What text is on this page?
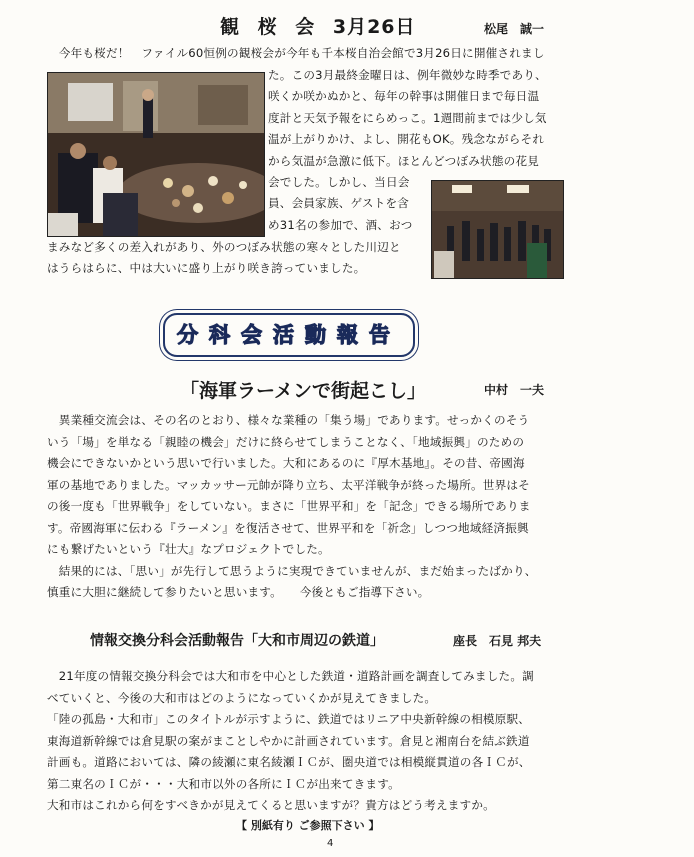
観 桜 会 3月26日	松尾　誠一
　今年も桜だ！　ファイル60恒例の観桜会が今年も千本桜自治会館で3月26日に開催されまし
た。この3月最終金曜日は、例年微妙な時季であり、
咲くか咲かぬかと、毎年の幹事は開催日まで毎日温
度計と天気予報をにらめっこ。1週間前までは少し気
温が上がりかけ、よし、開花もOK。残念ながらそれ
から気温が急激に低下。ほとんどつぼみ状態の花見
会でした。しかし、当日会
員、会員家族、ゲストを含
め31名の参加で、酒、おつ
まみなど多くの差入れがあり、外のつぼみ状態の寒々とした川辺と
はうらはらに、中は大いに盛り上がり咲き誇っていました。
分科会活動報告
「海軍ラーメンで街起こし」	中村　一夫
　異業種交流会は、その名のとおり、様々な業種の「集う場」であります。せっかくのそう
いう「場」を単なる「親睦の機会」だけに終らせてしまうことなく、「地域振興」のための
機会にできないかという思いで行いました。大和にあるのに『厚木基地』。その昔、帝國海
軍の基地でありました。マッカッサー元帥が降り立ち、太平洋戦争が終った場所。世界はそ
の後一度も「世界戦争」をしていない。まさに「世界平和」を「記念」できる場所でありま
す。帝國海軍に伝わる『ラーメン』を復活させて、世界平和を「祈念」しつつ地域経済振興
にも繋げたいという『壮大』なプロジェクトでした。
　結果的には、「思い」が先行して思うように実現できていませんが、まだ始まったばかり、
慎重に大胆に継続して参りたいと思います。　　今後ともご指導下さい。
情報交換分科会活動報告「大和市周辺の鉄道」	座長　石見 邦夫
　21年度の情報交換分科会では大和市を中心とした鉄道・道路計画を調査してみました。調
べていくと、今後の大和市はどのようになっていくかが見えてきました。
「陸の孤島・大和市」このタイトルが示すように、鉄道ではリニア中央新幹線の相模原駅、
東海道新幹線では倉見駅の案がまことしやかに計画されています。倉見と湘南台を結ぶ鉄道
計画も。道路においては、隣の綾瀬に東名綾瀬ＩＣが、圏央道では相模縦貫道の各ＩＣが、
第二東名のＩＣが・・・大和市以外の各所にＩＣが出来てきます。
大和市はこれから何をすべきかが見えてくると思いますが？貴方はどう考えますか。
【 別紙有り ご参照下さい 】
4
